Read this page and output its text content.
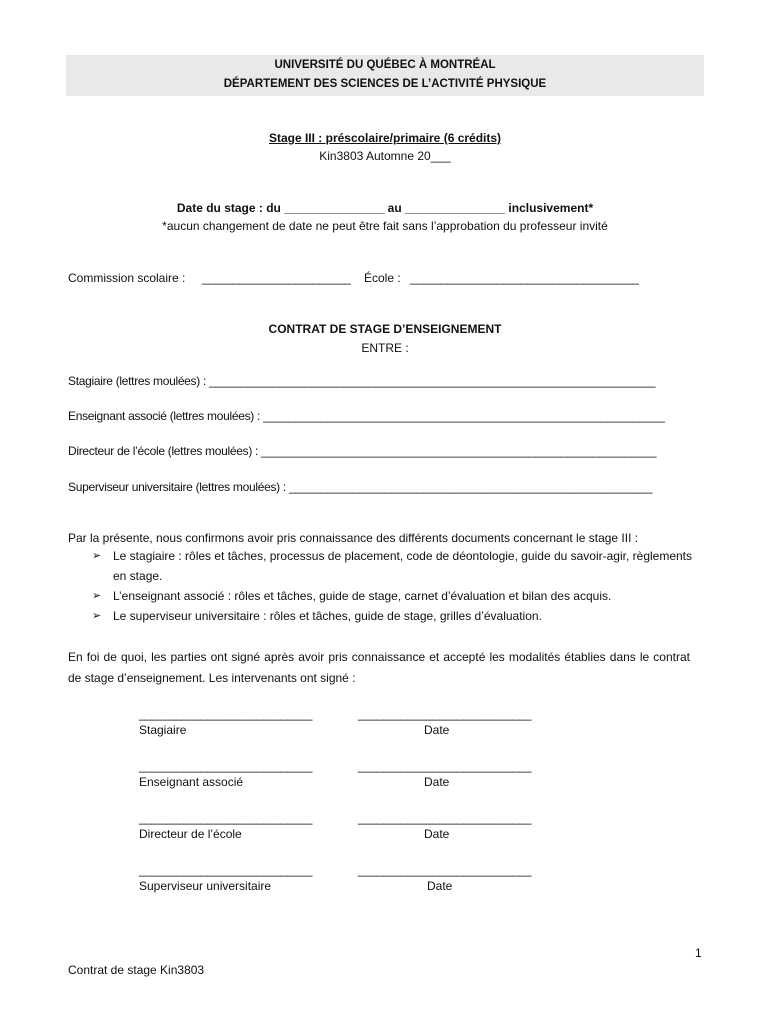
UNIVERSITÉ DU QUÉBEC À MONTRÉAL
DÉPARTEMENT DES SCIENCES DE L’ACTIVITÉ PHYSIQUE
Stage III : préscolaire/primaire (6 crédits)
Kin3803 Automne 20___
Date du stage : du _______________ au _______________ inclusivement*
*aucun changement de date ne peut être fait sans l’approbation du professeur invité
Commission scolaire : ________________________ École : _____________________________________
CONTRAT DE STAGE D’ENSEIGNEMENT
ENTRE :
Stagiaire (lettres moulées) : ______________________________________________________________________
Enseignant associé (lettres moulées) : _______________________________________________________________
Directeur de l’école (lettres moulées) : ______________________________________________________________
Superviseur universitaire (lettres moulées) : _________________________________________________________
Par la présente, nous confirmons avoir pris connaissance des différents documents concernant le stage III :
➢ Le stagiaire : rôles et tâches, processus de placement, code de déontologie, guide du savoir-agir, règlements en stage.
➢ L’enseignant associé : rôles et tâches, guide de stage, carnet d’évaluation et bilan des acquis.
➢ Le superviseur universitaire : rôles et tâches, guide de stage, grilles d’évaluation.
En foi de quoi, les parties ont signé après avoir pris connaissance et accepté les modalités établies dans le contrat de stage d’enseignement. Les intervenants ont signé :
____________________________	____________________________
Stagiaire	Date
____________________________	____________________________
Enseignant associé	Date
____________________________	____________________________
Directeur de l’école	Date
____________________________	____________________________
Superviseur universitaire	Date
1
Contrat de stage Kin3803
